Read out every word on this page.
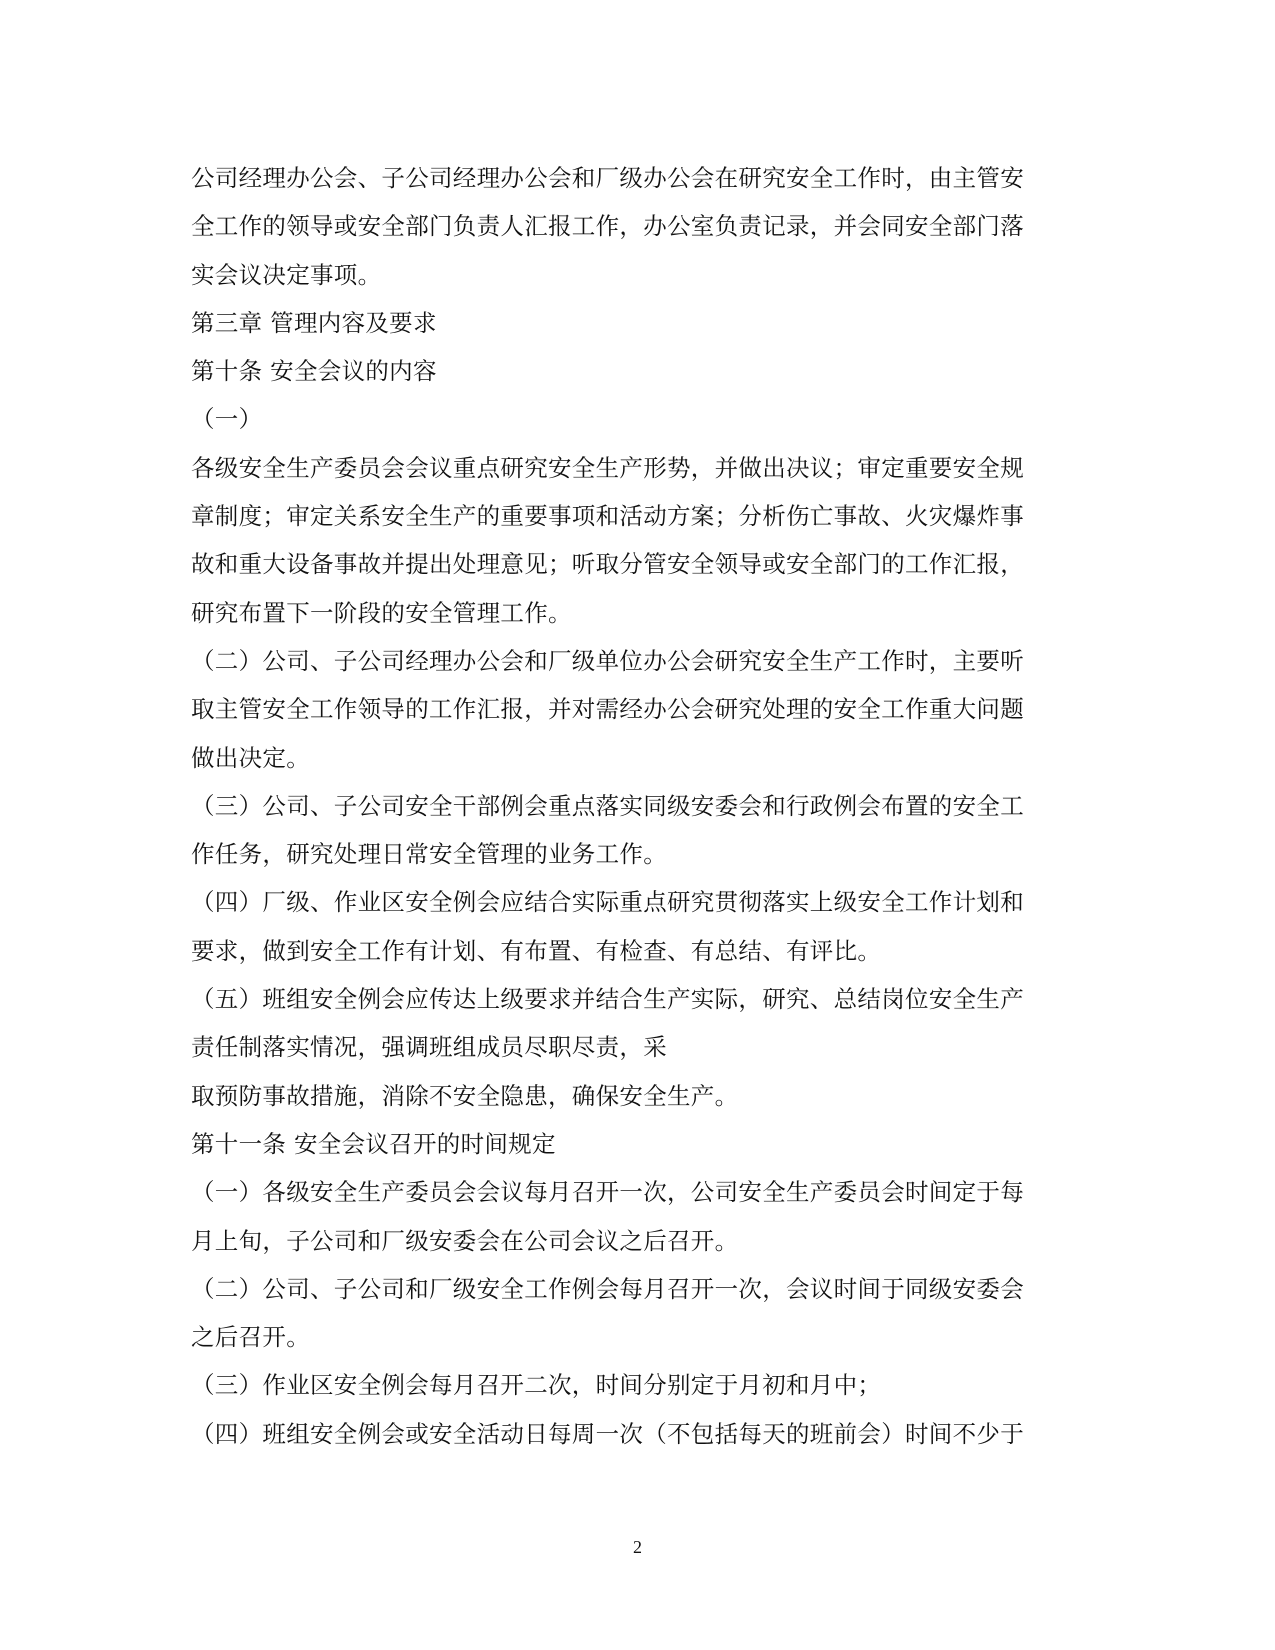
公司经理办公会、子公司经理办公会和厂级办公会在研究安全工作时，由主管安
全工作的领导或安全部门负责人汇报工作，办公室负责记录，并会同安全部门落
实会议决定事项。
第三章 管理内容及要求
第十条 安全会议的内容
（一）
各级安全生产委员会会议重点研究安全生产形势，并做出决议；审定重要安全规
章制度；审定关系安全生产的重要事项和活动方案；分析伤亡事故、火灾爆炸事
故和重大设备事故并提出处理意见；听取分管安全领导或安全部门的工作汇报，
研究布置下一阶段的安全管理工作。
（二）公司、子公司经理办公会和厂级单位办公会研究安全生产工作时，主要听
取主管安全工作领导的工作汇报，并对需经办公会研究处理的安全工作重大问题
做出决定。
（三）公司、子公司安全干部例会重点落实同级安委会和行政例会布置的安全工
作任务，研究处理日常安全管理的业务工作。
（四）厂级、作业区安全例会应结合实际重点研究贯彻落实上级安全工作计划和
要求，做到安全工作有计划、有布置、有检查、有总结、有评比。
（五）班组安全例会应传达上级要求并结合生产实际，研究、总结岗位安全生产
责任制落实情况，强调班组成员尽职尽责，采
取预防事故措施，消除不安全隐患，确保安全生产。
第十一条 安全会议召开的时间规定
（一）各级安全生产委员会会议每月召开一次，公司安全生产委员会时间定于每
月上旬，子公司和厂级安委会在公司会议之后召开。
（二）公司、子公司和厂级安全工作例会每月召开一次，会议时间于同级安委会
之后召开。
（三）作业区安全例会每月召开二次，时间分别定于月初和月中；
（四）班组安全例会或安全活动日每周一次（不包括每天的班前会）时间不少于
2
